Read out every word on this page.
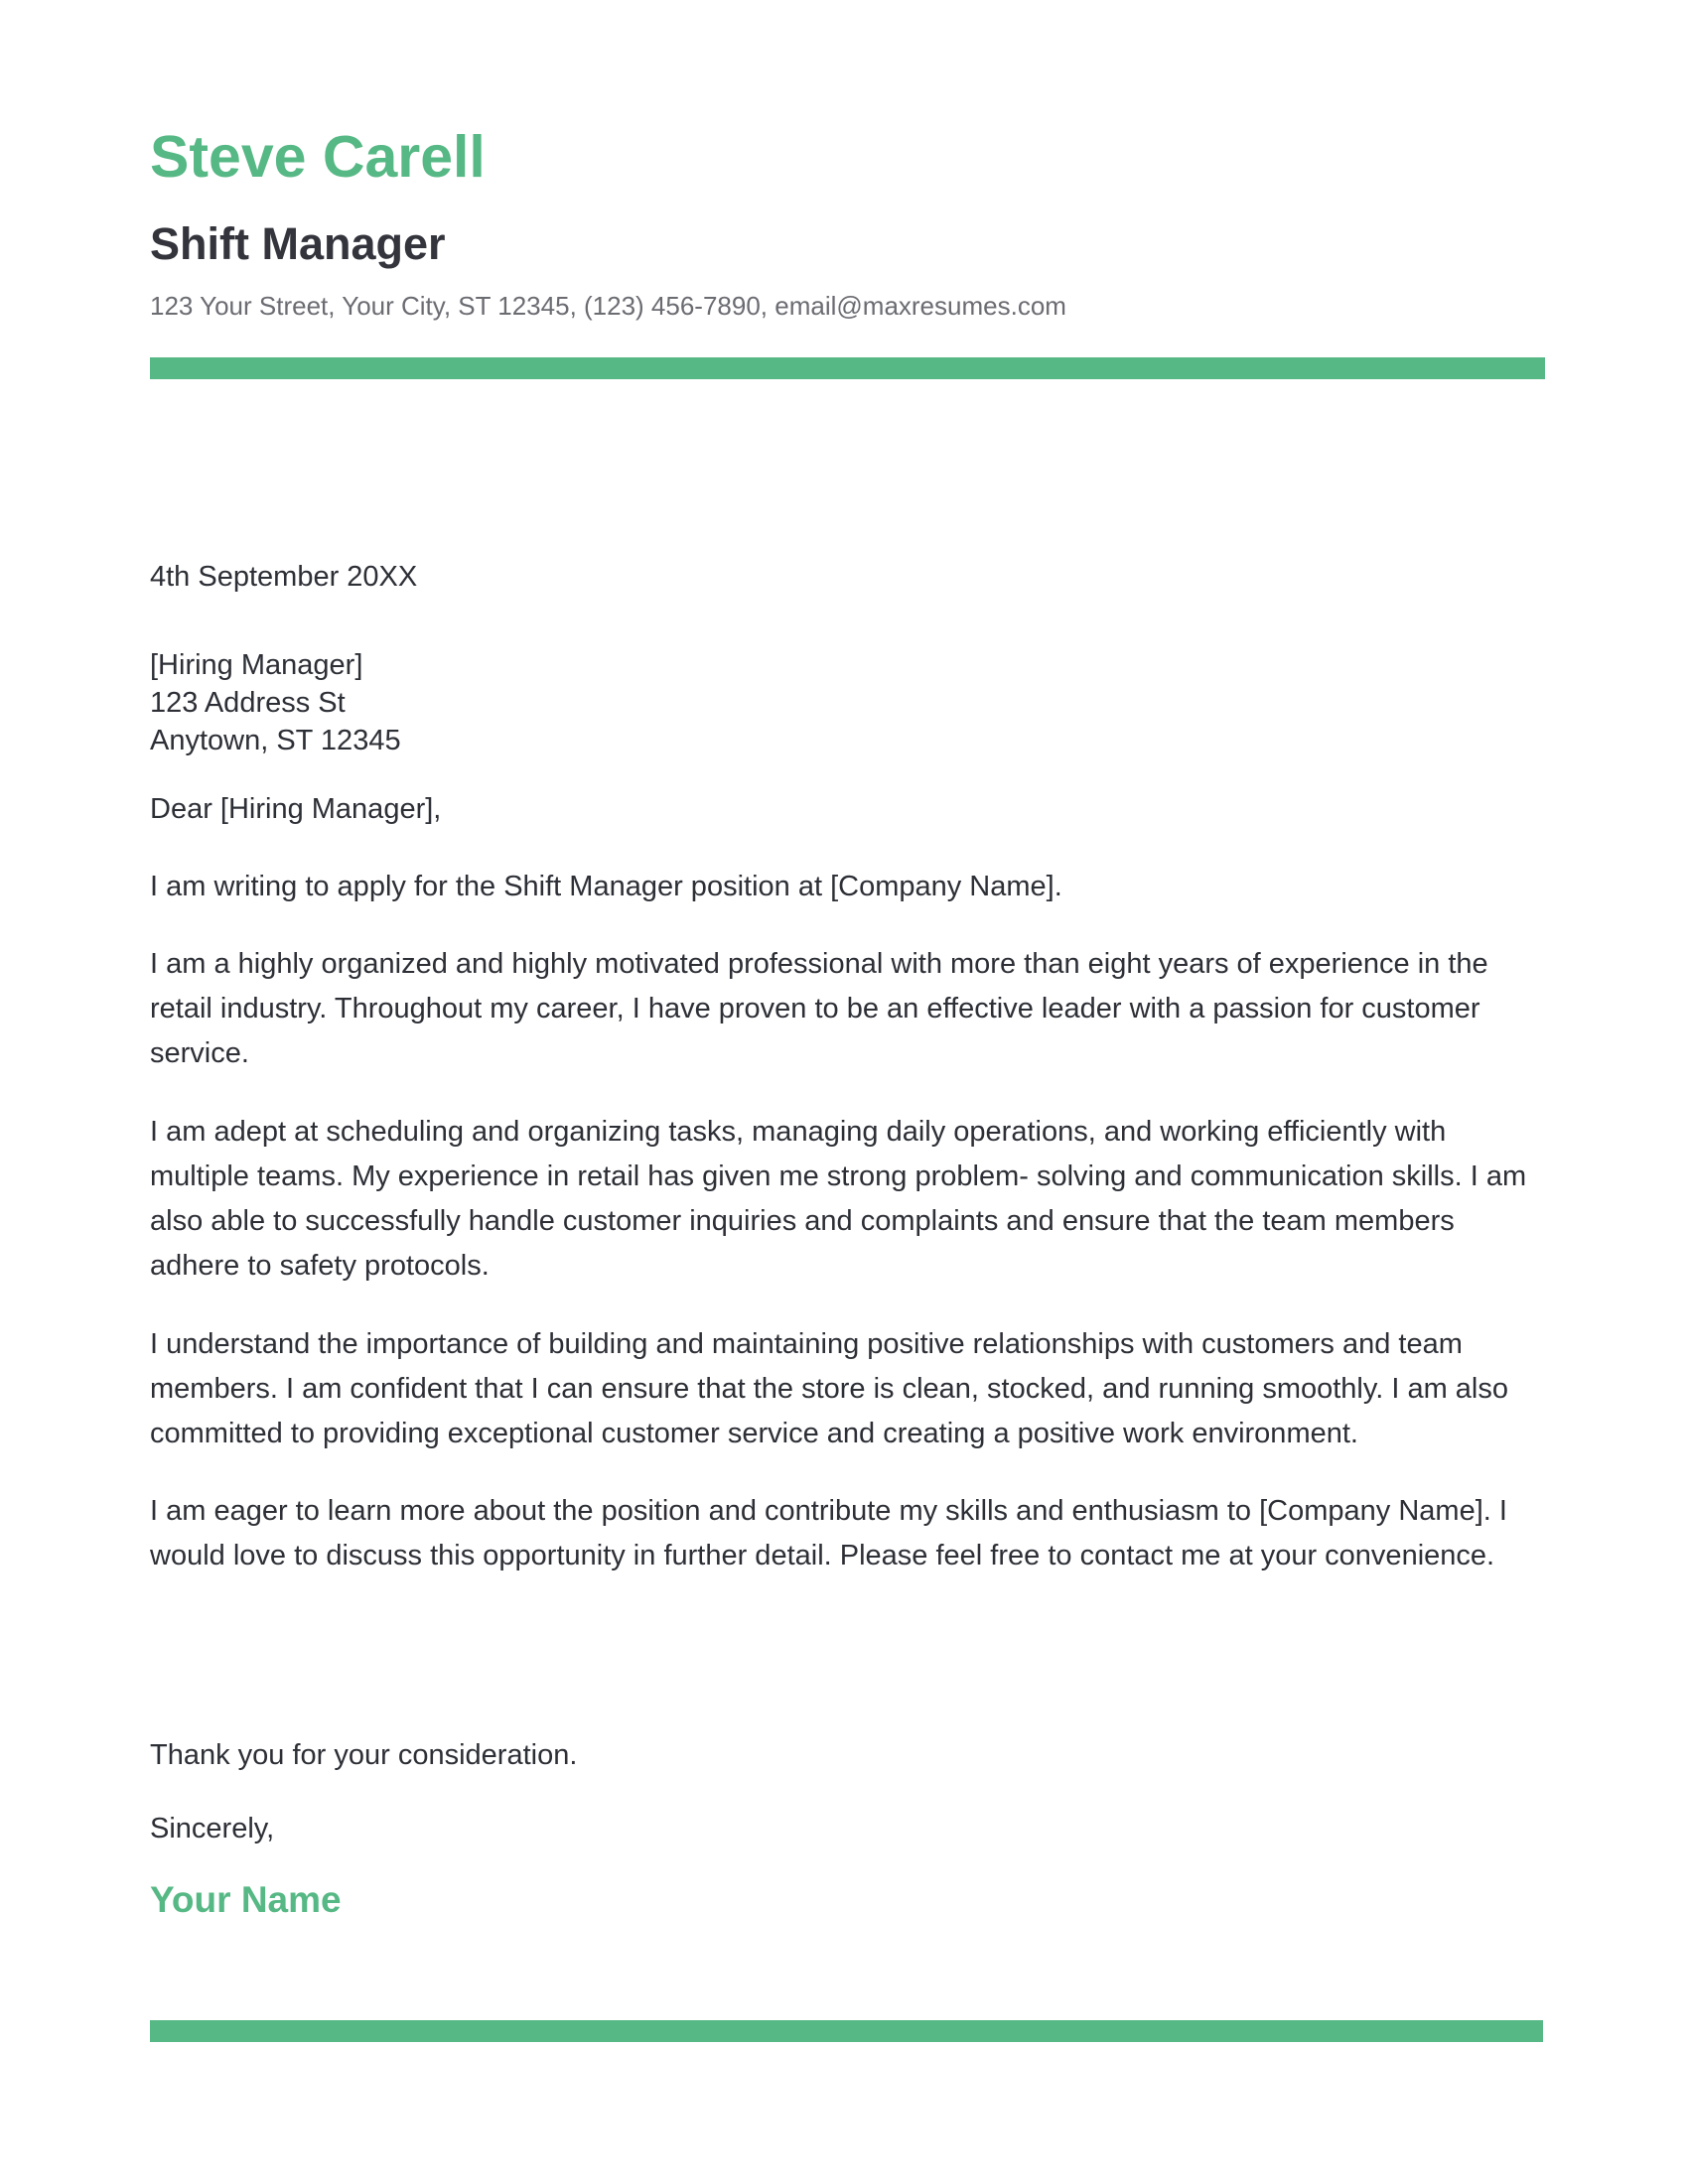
Steve Carell
Shift Manager
123 Your Street, Your City, ST 12345, (123) 456-7890, email@maxresumes.com
4th September 20XX
[Hiring Manager]
123 Address St
Anytown, ST 12345
Dear [Hiring Manager],
I am writing to apply for the Shift Manager position at [Company Name].
I am a highly organized and highly motivated professional with more than eight years of experience in the retail industry. Throughout my career, I have proven to be an effective leader with a passion for customer service.
I am adept at scheduling and organizing tasks, managing daily operations, and working efficiently with multiple teams. My experience in retail has given me strong problem- solving and communication skills. I am also able to successfully handle customer inquiries and complaints and ensure that the team members adhere to safety protocols.
I understand the importance of building and maintaining positive relationships with customers and team members. I am confident that I can ensure that the store is clean, stocked, and running smoothly. I am also committed to providing exceptional customer service and creating a positive work environment.
I am eager to learn more about the position and contribute my skills and enthusiasm to [Company Name]. I would love to discuss this opportunity in further detail. Please feel free to contact me at your convenience.
Thank you for your consideration.
Sincerely,
Your Name
